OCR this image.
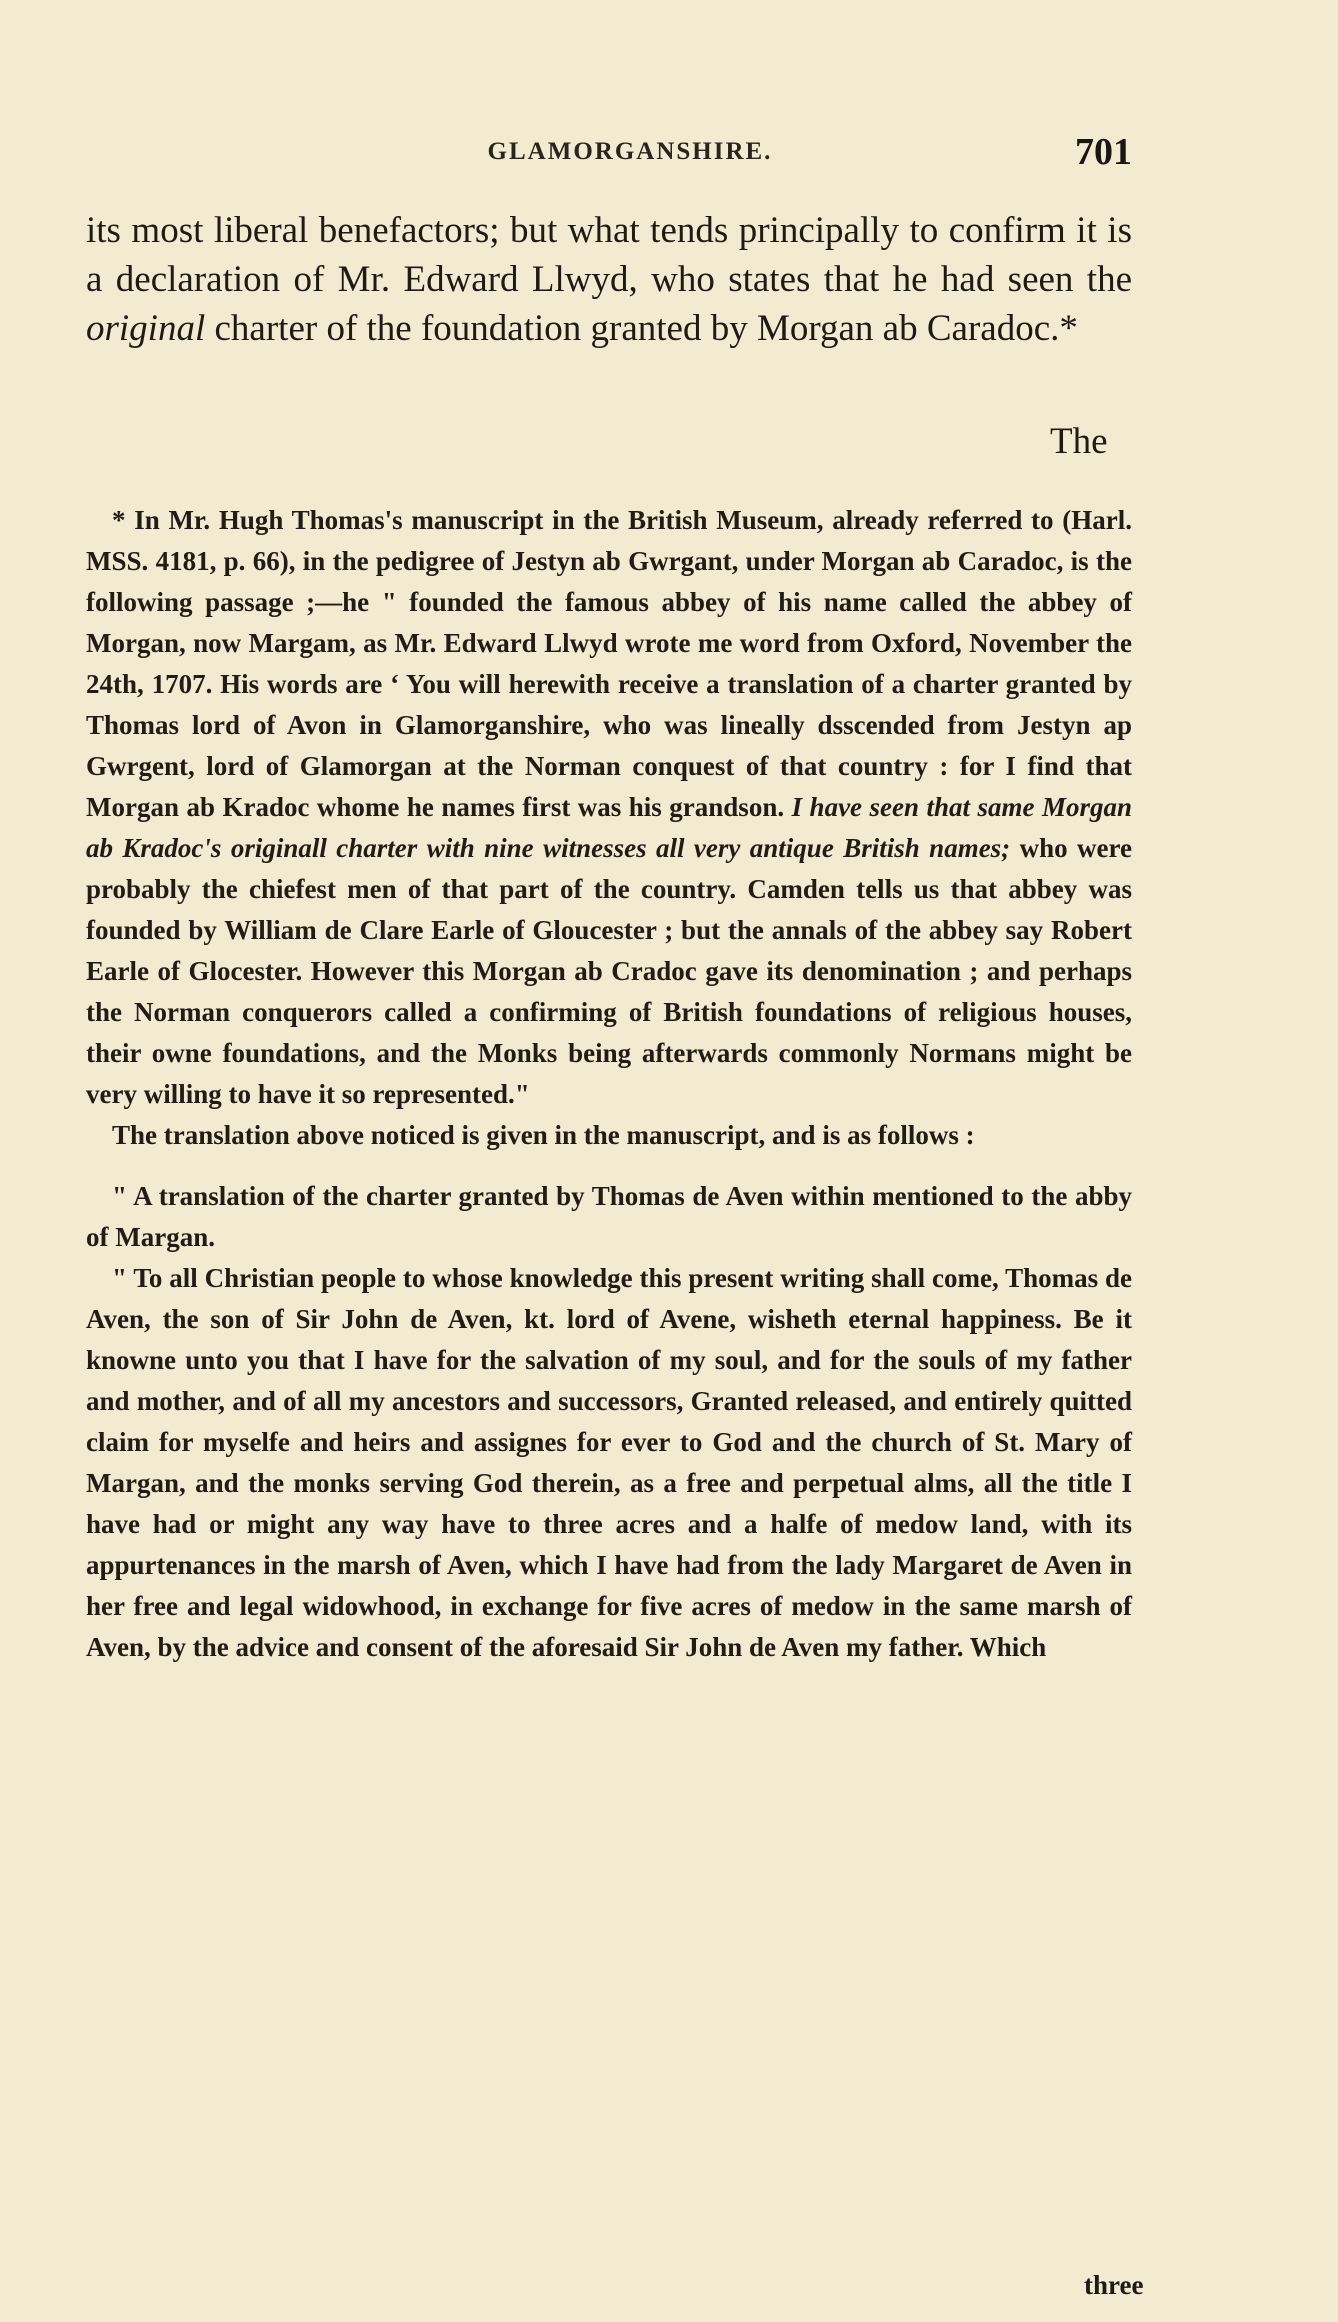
GLAMORGANSHIRE.	701

its most liberal benefactors; but what tends principally to confirm it is a declaration of Mr. Edward Llwyd, who states that he had seen the original charter of the foundation granted by Morgan ab Caradoc.*

The

* In Mr. Hugh Thomas's manuscript in the British Museum, already referred to (Harl. MSS. 4181, p. 66), in the pedigree of Jestyn ab Gwrgant, under Morgan ab Caradoc, is the following passage ;—he " founded the famous abbey of his name called the abbey of Morgan, now Margam, as Mr. Edward Llwyd wrote me word from Oxford, November the 24th, 1707. His words are ‘ You will herewith receive a translation of a charter granted by Thomas lord of Avon in Glamorganshire, who was lineally dsscended from Jestyn ap Gwrgent, lord of Glamorgan at the Norman conquest of that country : for I find that Morgan ab Kradoc whome he names first was his grandson. I have seen that same Morgan ab Kradoc's originall charter with nine witnesses all very antique British names; who were probably the chiefest men of that part of the country. Camden tells us that abbey was founded by William de Clare Earle of Gloucester ; but the annals of the abbey say Robert Earle of Glocester. However this Morgan ab Cradoc gave its denomination ; and perhaps the Norman conquerors called a confirming of British foundations of religious houses, their owne foundations, and the Monks being afterwards commonly Normans might be very willing to have it so represented."

The translation above noticed is given in the manuscript, and is as follows :

" A translation of the charter granted by Thomas de Aven within mentioned to the abby of Margan.

" To all Christian people to whose knowledge this present writing shall come, Thomas de Aven, the son of Sir John de Aven, kt. lord of Avene, wisheth eternal happiness. Be it knowne unto you that I have for the salvation of my soul, and for the souls of my father and mother, and of all my ancestors and successors, Granted released, and entirely quitted claim for myselfe and heirs and assignes for ever to God and the church of St. Mary of Margan, and the monks serving God therein, as a free and perpetual alms, all the title I have had or might any way have to three acres and a halfe of medow land, with its appurtenances in the marsh of Aven, which I have had from the lady Margaret de Aven in her free and legal widowhood, in exchange for five acres of medow in the same marsh of Aven, by the advice and consent of the aforesaid Sir John de Aven my father. Which

three
